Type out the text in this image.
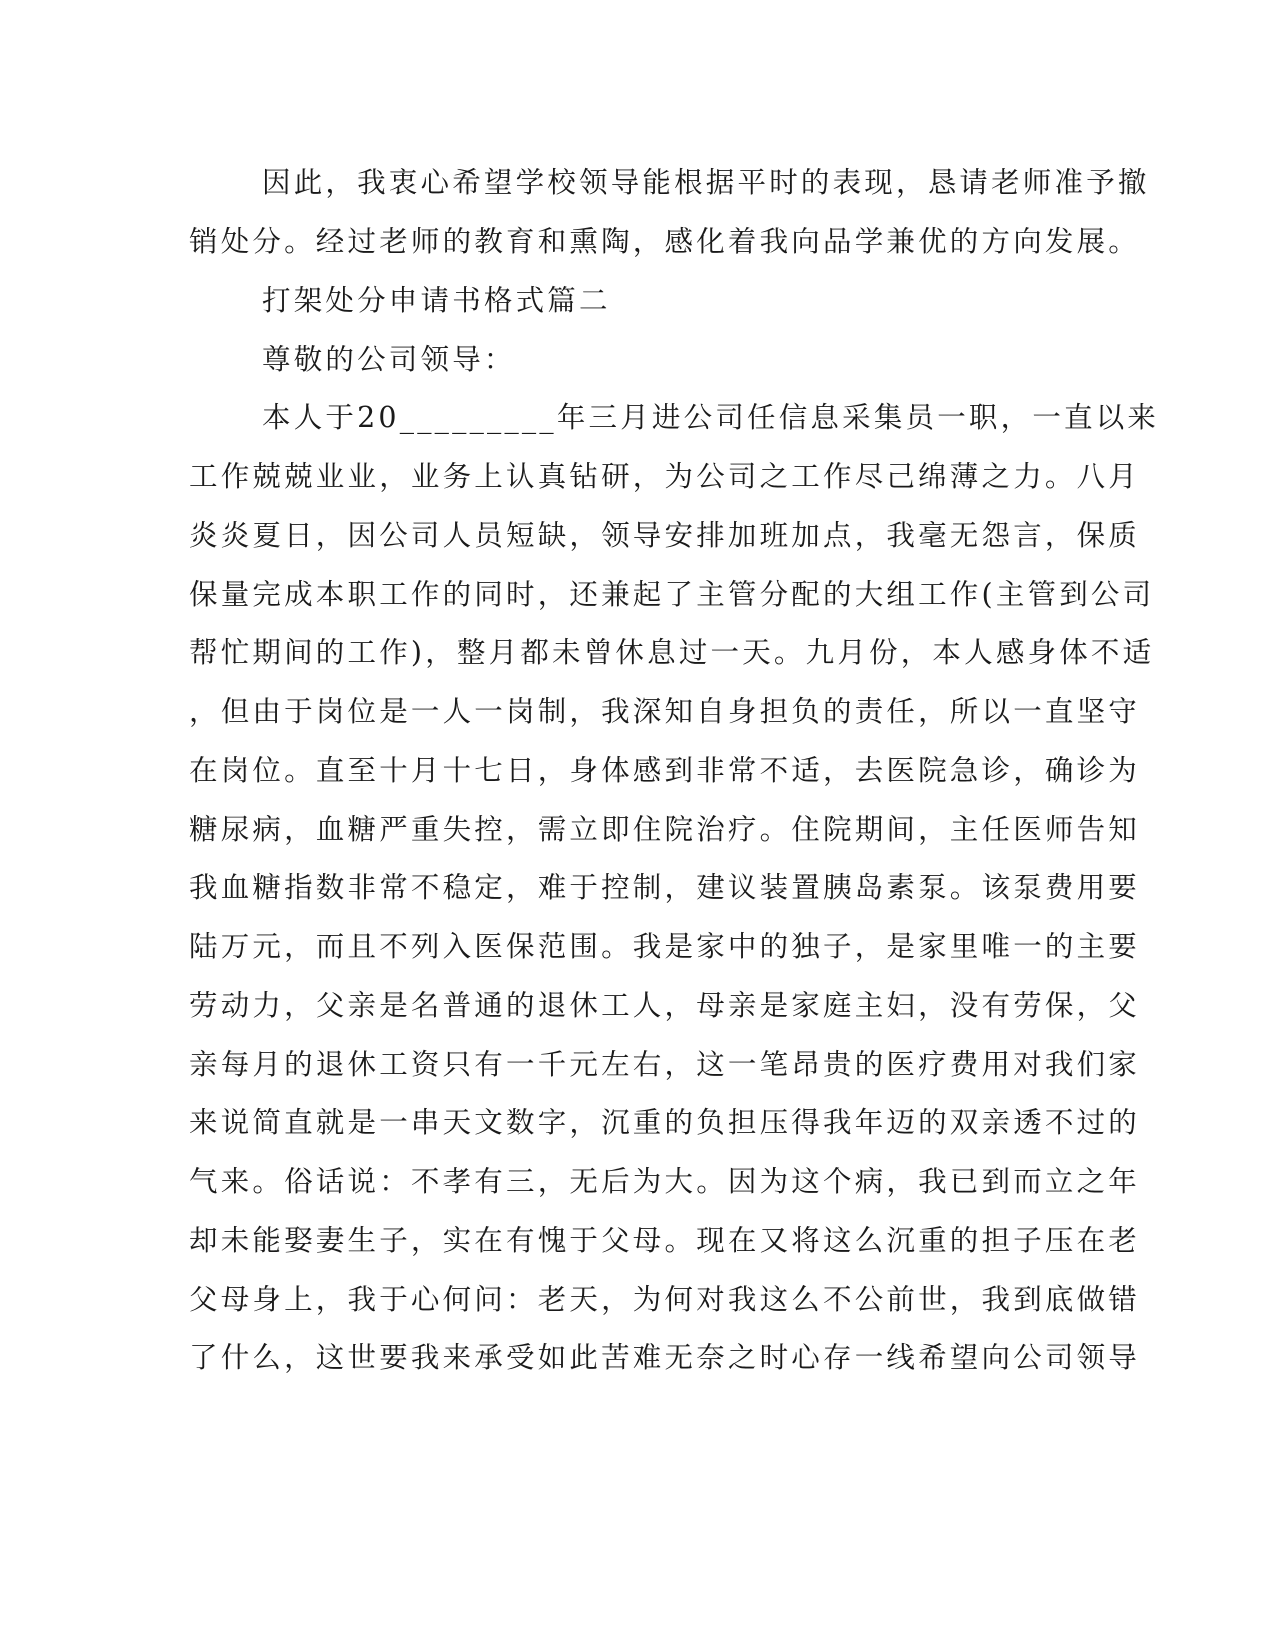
因此，我衷心希望学校领导能根据平时的表现，恳请老师准予撤
销处分。经过老师的教育和熏陶，感化着我向品学兼优的方向发展。
打架处分申请书格式篇二
尊敬的公司领导：
本人于20_________年三月进公司任信息采集员一职，一直以来
工作兢兢业业，业务上认真钻研，为公司之工作尽己绵薄之力。八月
炎炎夏日，因公司人员短缺，领导安排加班加点，我毫无怨言，保质
保量完成本职工作的同时，还兼起了主管分配的大组工作(主管到公司
帮忙期间的工作)，整月都未曾休息过一天。九月份，本人感身体不适
，但由于岗位是一人一岗制，我深知自身担负的责任，所以一直坚守
在岗位。直至十月十七日，身体感到非常不适，去医院急诊，确诊为
糖尿病，血糖严重失控，需立即住院治疗。住院期间，主任医师告知
我血糖指数非常不稳定，难于控制，建议装置胰岛素泵。该泵费用要
陆万元，而且不列入医保范围。我是家中的独子，是家里唯一的主要
劳动力，父亲是名普通的退休工人，母亲是家庭主妇，没有劳保，父
亲每月的退休工资只有一千元左右，这一笔昂贵的医疗费用对我们家
来说简直就是一串天文数字，沉重的负担压得我年迈的双亲透不过的
气来。俗话说：不孝有三，无后为大。因为这个病，我已到而立之年
却未能娶妻生子，实在有愧于父母。现在又将这么沉重的担子压在老
父母身上，我于心何问：老天，为何对我这么不公前世，我到底做错
了什么，这世要我来承受如此苦难无奈之时心存一线希望向公司领导
